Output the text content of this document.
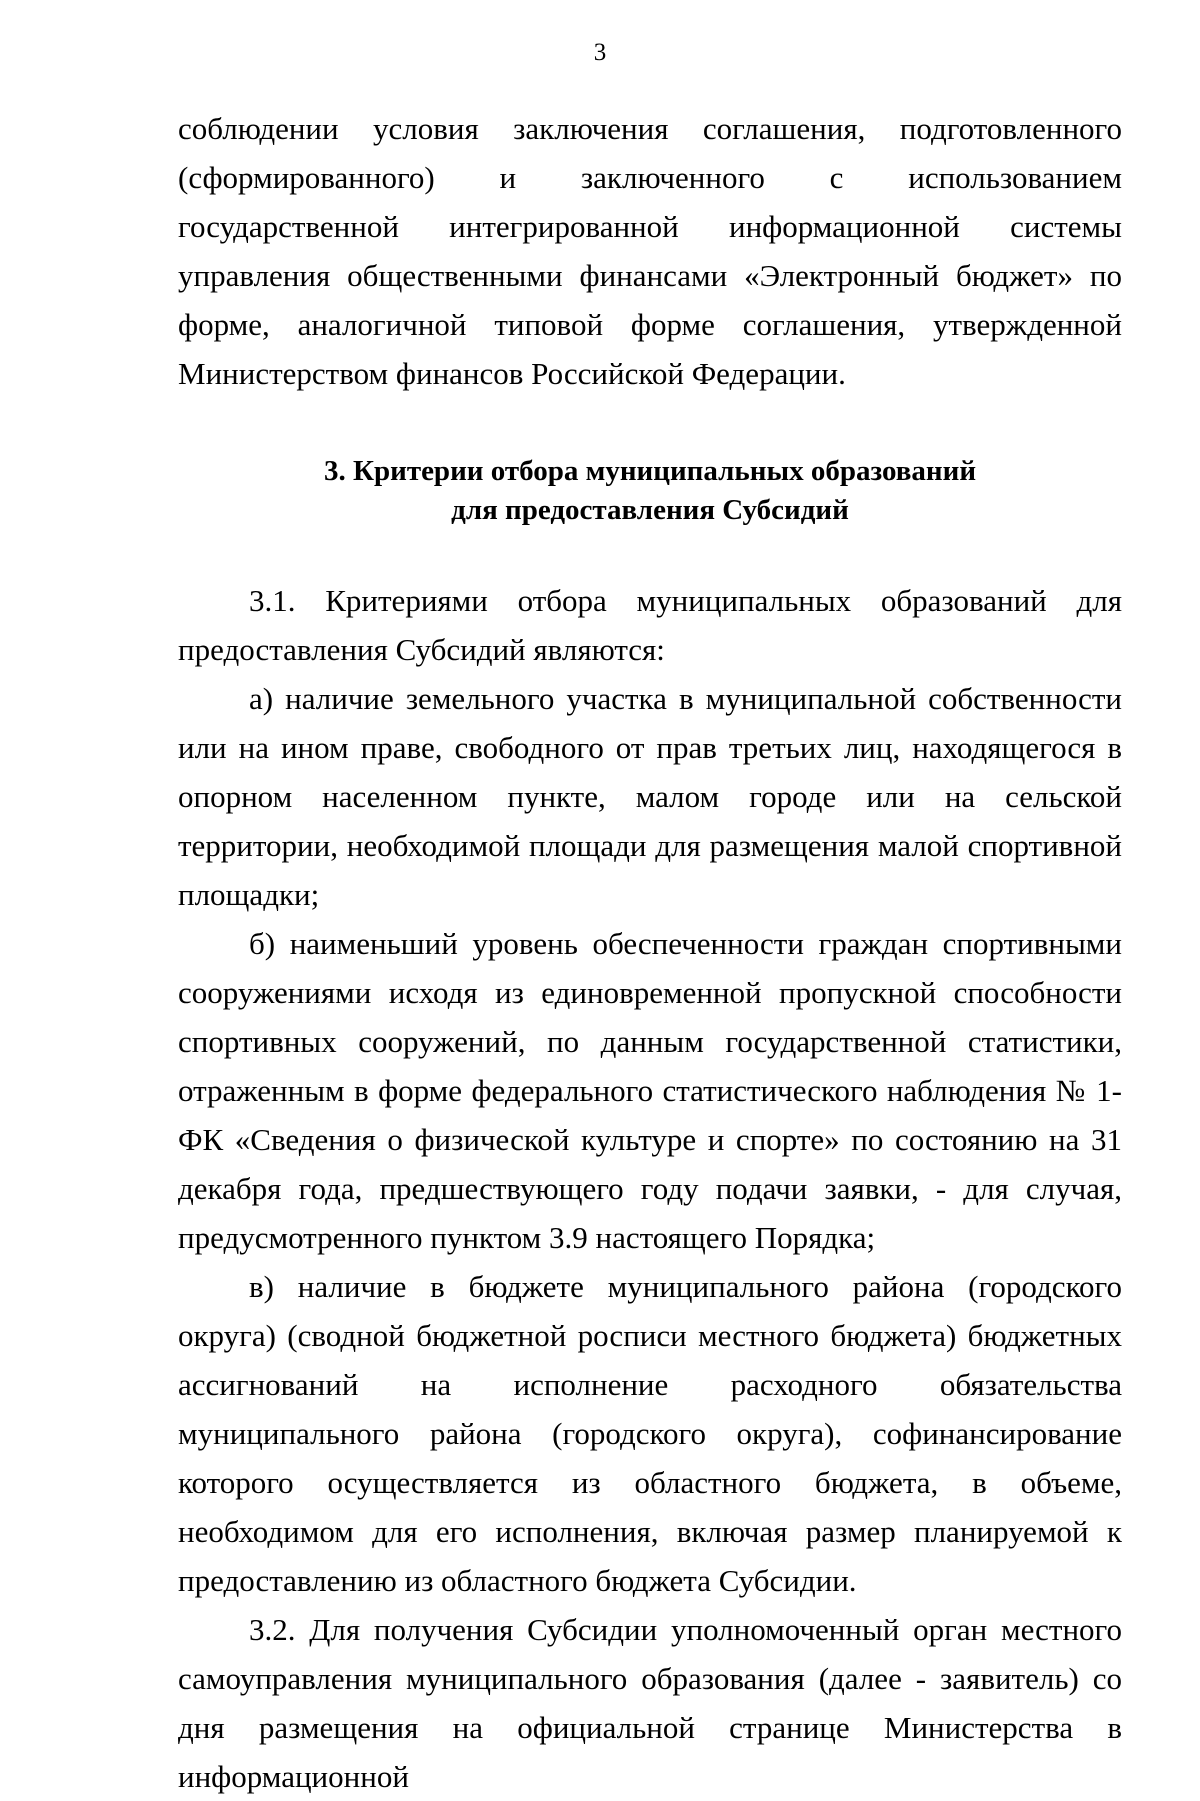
3

соблюдении условия заключения соглашения, подготовленного (сформированного) и заключенного с использованием государственной интегрированной информационной системы управления общественными финансами «Электронный бюджет» по форме, аналогичной типовой форме соглашения, утвержденной Министерством финансов Российской Федерации.

3. Критерии отбора муниципальных образований
для предоставления Субсидий

3.1. Критериями отбора муниципальных образований для предоставления Субсидий являются:

а) наличие земельного участка в муниципальной собственности или на ином праве, свободного от прав третьих лиц, находящегося в опорном населенном пункте, малом городе или на сельской территории, необходимой площади для размещения малой спортивной площадки;

б) наименьший уровень обеспеченности граждан спортивными сооружениями исходя из единовременной пропускной способности спортивных сооружений, по данным государственной статистики, отраженным в форме федерального статистического наблюдения № 1-ФК «Сведения о физической культуре и спорте» по состоянию на 31 декабря года, предшествующего году подачи заявки, - для случая, предусмотренного пунктом 3.9 настоящего Порядка;

в) наличие в бюджете муниципального района (городского округа) (сводной бюджетной росписи местного бюджета) бюджетных ассигнований на исполнение расходного обязательства муниципального района (городского округа), софинансирование которого осуществляется из областного бюджета, в объеме, необходимом для его исполнения, включая размер планируемой к предоставлению из областного бюджета Субсидии.

3.2. Для получения Субсидии уполномоченный орган местного самоуправления муниципального образования (далее - заявитель) со дня размещения на официальной странице Министерства в информационной
